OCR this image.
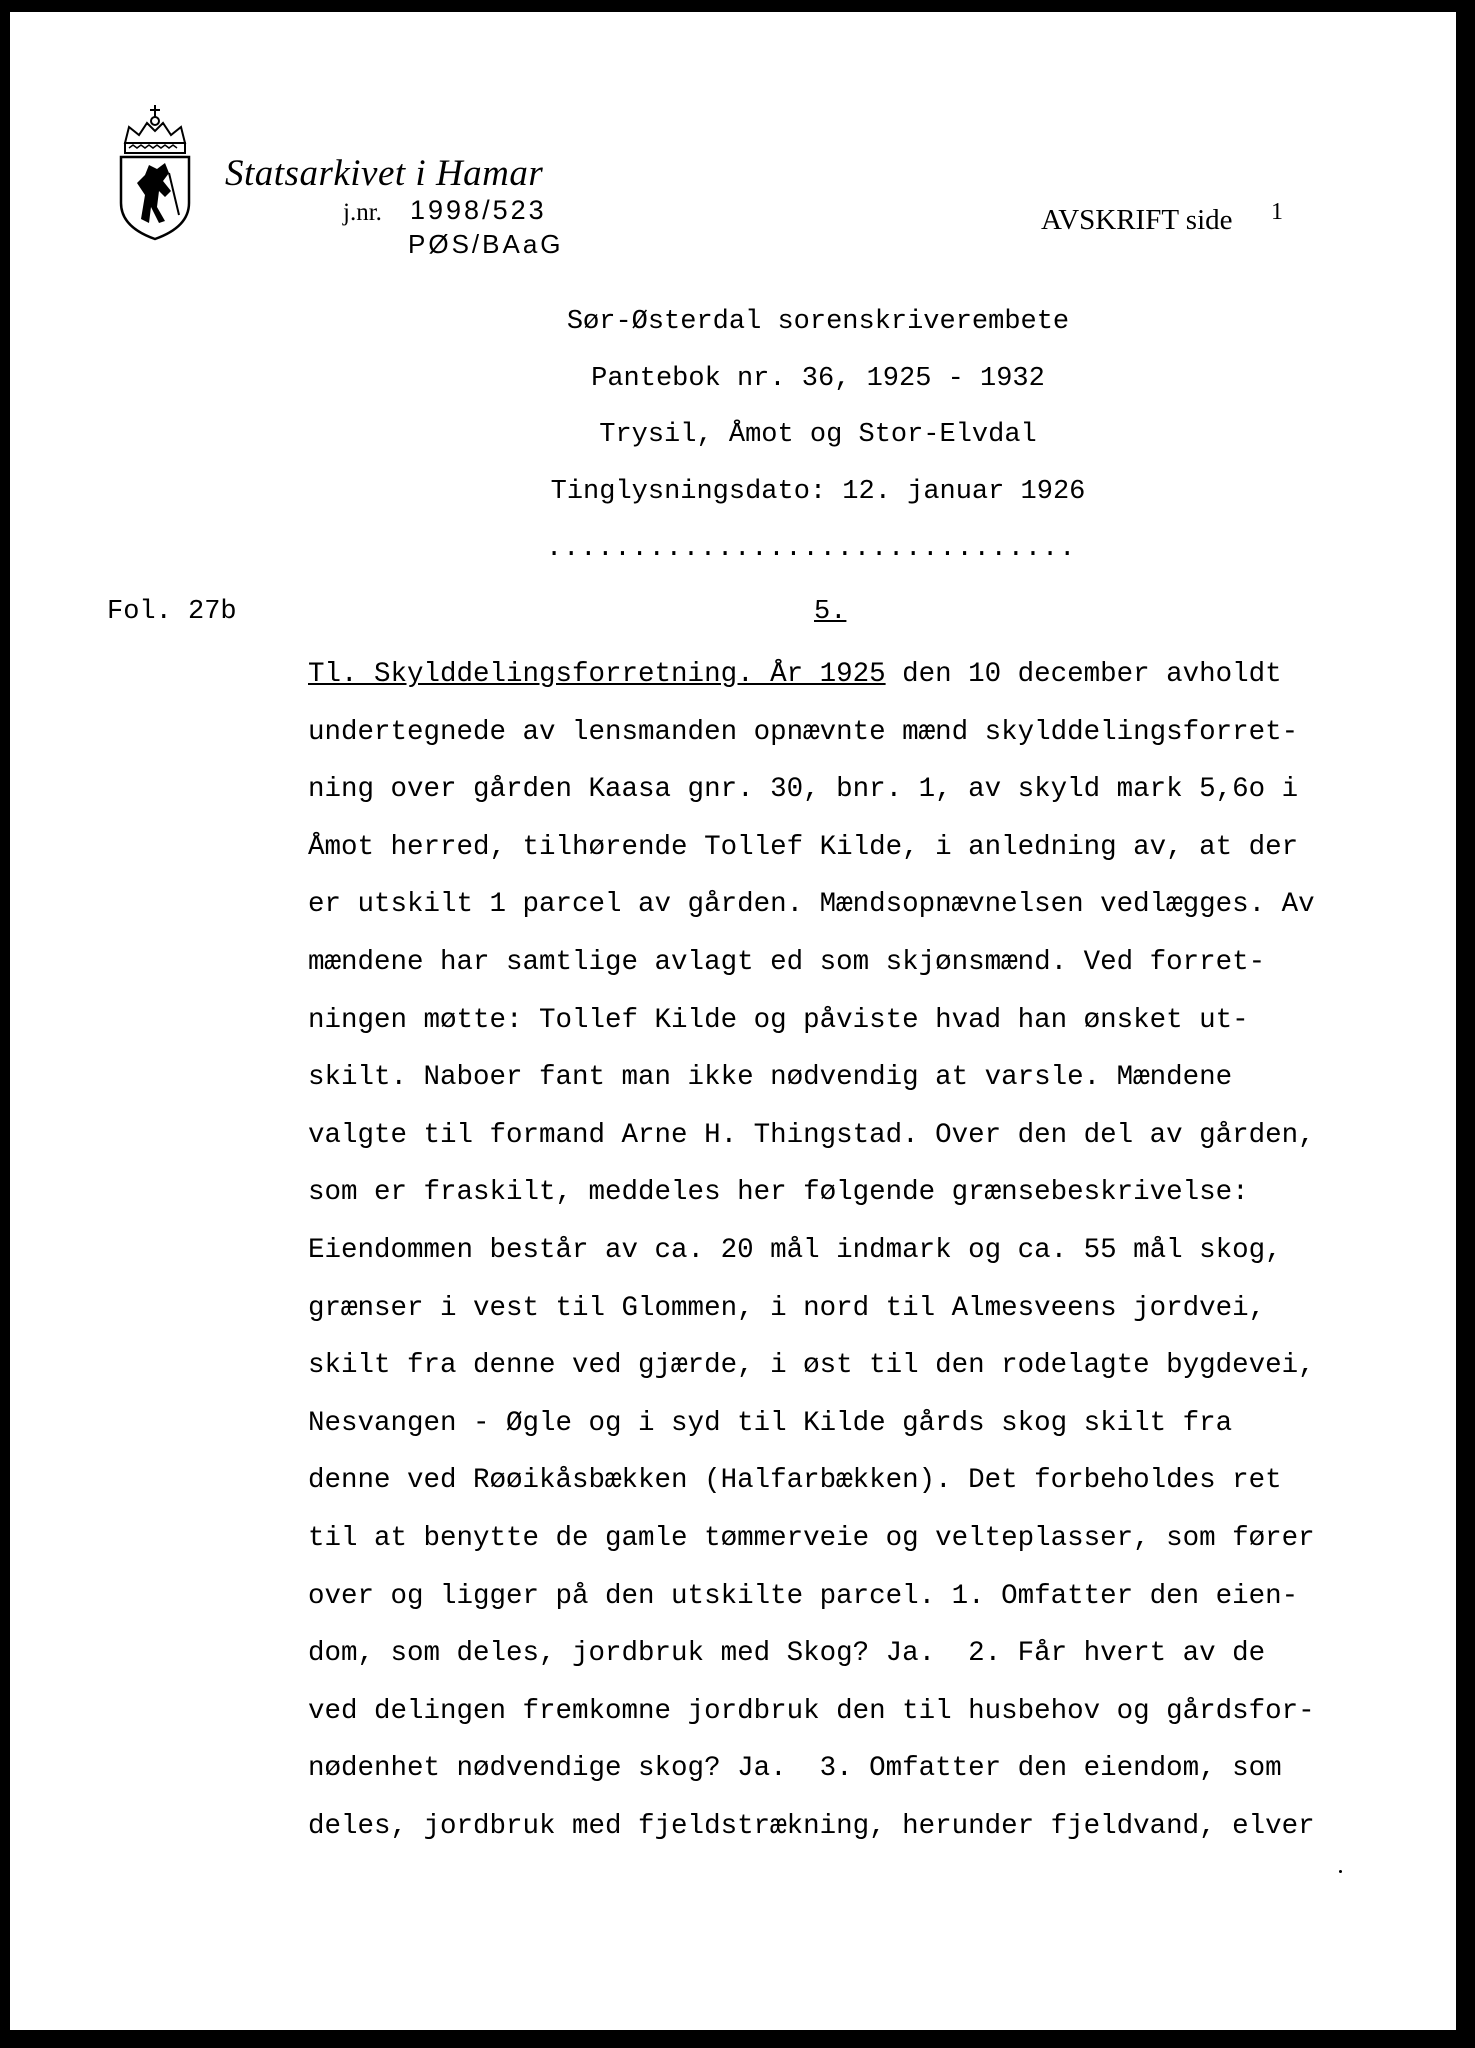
Statsarkivet i Hamar
j.nr. 1998/523
PØS/BAaG
AVSKRIFT side 1
Sør-Østerdal sorenskriverembete
Pantebok nr. 36, 1925 - 1932
Trysil, Åmot og Stor-Elvdal
Tinglysningsdato: 12. januar 1926
...............................
Fol. 27b	5.
Tl. Skylddelingsforretning. År 1925 den 10 december avholdt
undertegnede av lensmanden opnævnte mænd skylddelingsforret-
ning over gården Kaasa gnr. 30, bnr. 1, av skyld mark 5,6o i
Åmot herred, tilhørende Tollef Kilde, i anledning av, at der
er utskilt 1 parcel av gården. Mændsopnævnelsen vedlægges. Av
mændene har samtlige avlagt ed som skjønsmænd. Ved forret-
ningen møtte: Tollef Kilde og påviste hvad han ønsket ut-
skilt. Naboer fant man ikke nødvendig at varsle. Mændene
valgte til formand Arne H. Thingstad. Over den del av gården,
som er fraskilt, meddeles her følgende grænsebeskrivelse:
Eiendommen består av ca. 20 mål indmark og ca. 55 mål skog,
grænser i vest til Glommen, i nord til Almesveens jordvei,
skilt fra denne ved gjærde, i øst til den rodelagte bygdevei,
Nesvangen - Øgle og i syd til Kilde gårds skog skilt fra
denne ved Røøikåsbækken (Halfarbækken). Det forbeholdes ret
til at benytte de gamle tømmerveie og velteplasser, som fører
over og ligger på den utskilte parcel. 1. Omfatter den eien-
dom, som deles, jordbruk med Skog? Ja.  2. Får hvert av de
ved delingen fremkomne jordbruk den til husbehov og gårdsfor-
nødenhet nødvendige skog? Ja.  3. Omfatter den eiendom, som
deles, jordbruk med fjeldstrækning, herunder fjeldvand, elver
